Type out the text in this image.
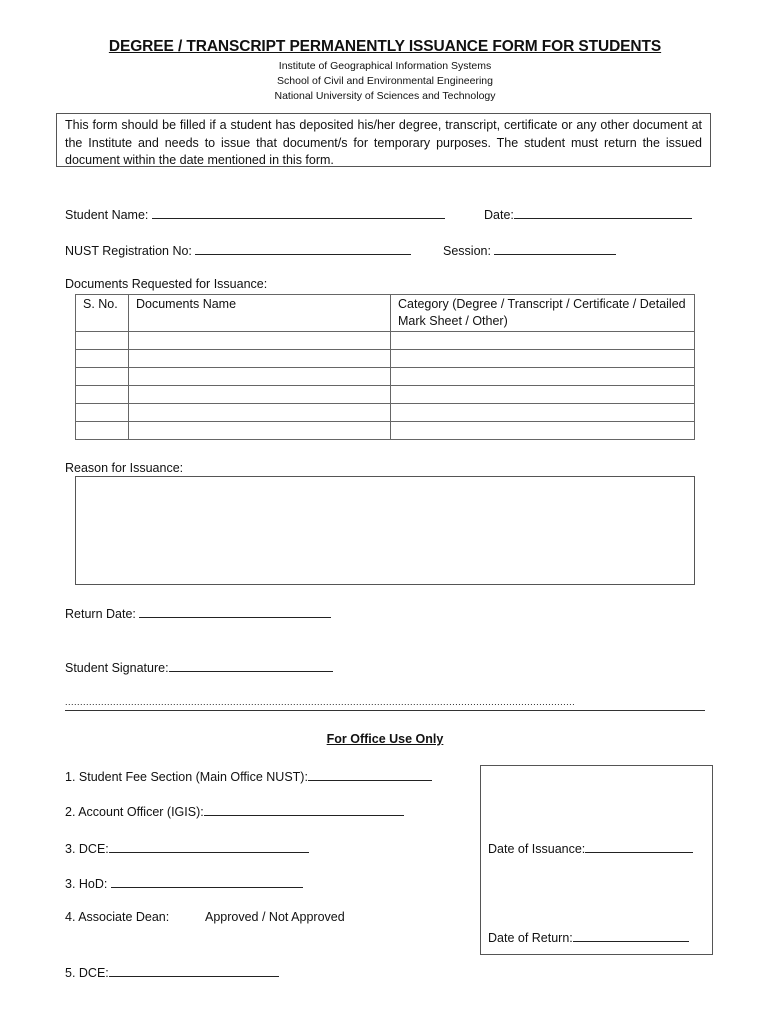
DEGREE / TRANSCRIPT PERMANENTLY ISSUANCE FORM FOR STUDENTS
Institute of Geographical Information Systems
School of Civil and Environmental Engineering
National University of Sciences and Technology
This form should be filled if a student has deposited his/her degree, transcript, certificate or any other document at the Institute and needs to issue that document/s for temporary purposes. The student must return the issued document within the date mentioned in this form.
Student Name:	Date:
NUST Registration No:	Session:
Documents Requested for Issuance:
S. No.	Documents Name	Category (Degree / Transcript / Certificate / Detailed Mark Sheet / Other)

Reason for Issuance:
Return Date:
Student Signature:
..........................................................................................................................................................................
For Office Use Only
1. Student Fee Section (Main Office NUST):
2. Account Officer (IGIS):
3. DCE:
3. HoD:
4. Associate Dean:	Approved / Not Approved
5. DCE:
Date of Issuance:
Date of Return:
